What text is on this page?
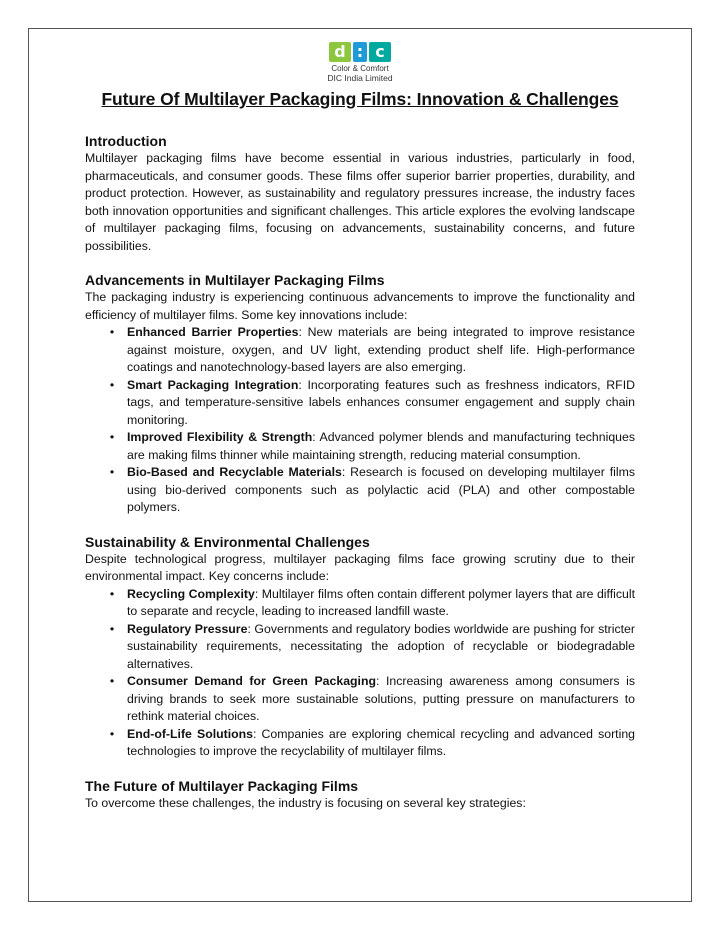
d : c
Color & Comfort
DIC India Limited
Future Of Multilayer Packaging Films: Innovation & Challenges
Introduction

Multilayer packaging films have become essential in various industries, particularly in food, pharmaceuticals, and consumer goods. These films offer superior barrier properties, durability, and product protection. However, as sustainability and regulatory pressures increase, the industry faces both innovation opportunities and significant challenges. This article explores the evolving landscape of multilayer packaging films, focusing on advancements, sustainability concerns, and future possibilities.

Advancements in Multilayer Packaging Films

The packaging industry is experiencing continuous advancements to improve the functionality and efficiency of multilayer films. Some key innovations include:

• Enhanced Barrier Properties: New materials are being integrated to improve resistance against moisture, oxygen, and UV light, extending product shelf life. High-performance coatings and nanotechnology-based layers are also emerging.
• Smart Packaging Integration: Incorporating features such as freshness indicators, RFID tags, and temperature-sensitive labels enhances consumer engagement and supply chain monitoring.
• Improved Flexibility & Strength: Advanced polymer blends and manufacturing techniques are making films thinner while maintaining strength, reducing material consumption.
• Bio-Based and Recyclable Materials: Research is focused on developing multilayer films using bio-derived components such as polylactic acid (PLA) and other compostable polymers.
Sustainability & Environmental Challenges

Despite technological progress, multilayer packaging films face growing scrutiny due to their environmental impact. Key concerns include:

• Recycling Complexity: Multilayer films often contain different polymer layers that are difficult to separate and recycle, leading to increased landfill waste.
• Regulatory Pressure: Governments and regulatory bodies worldwide are pushing for stricter sustainability requirements, necessitating the adoption of recyclable or biodegradable alternatives.
• Consumer Demand for Green Packaging: Increasing awareness among consumers is driving brands to seek more sustainable solutions, putting pressure on manufacturers to rethink material choices.
• End-of-Life Solutions: Companies are exploring chemical recycling and advanced sorting technologies to improve the recyclability of multilayer films.
The Future of Multilayer Packaging Films

To overcome these challenges, the industry is focusing on several key strategies:
